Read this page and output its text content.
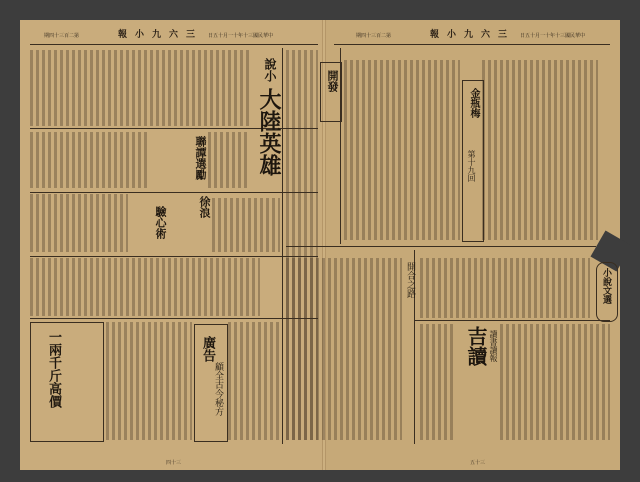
期四十三百二第	報小九六三 日五十月一十年十三國民華中	期四十三百二第	報小九六三 日五十月一十年十三國民華中
說小
大陸英雄
聯譚選勵
驗心術	徐浪
一兩千斤高價	廣告
顧全古今秘方
開發
金瓶梅
第十九回
開合之路	小說文選
吉讀 讀書讀報
四十三	五十三
